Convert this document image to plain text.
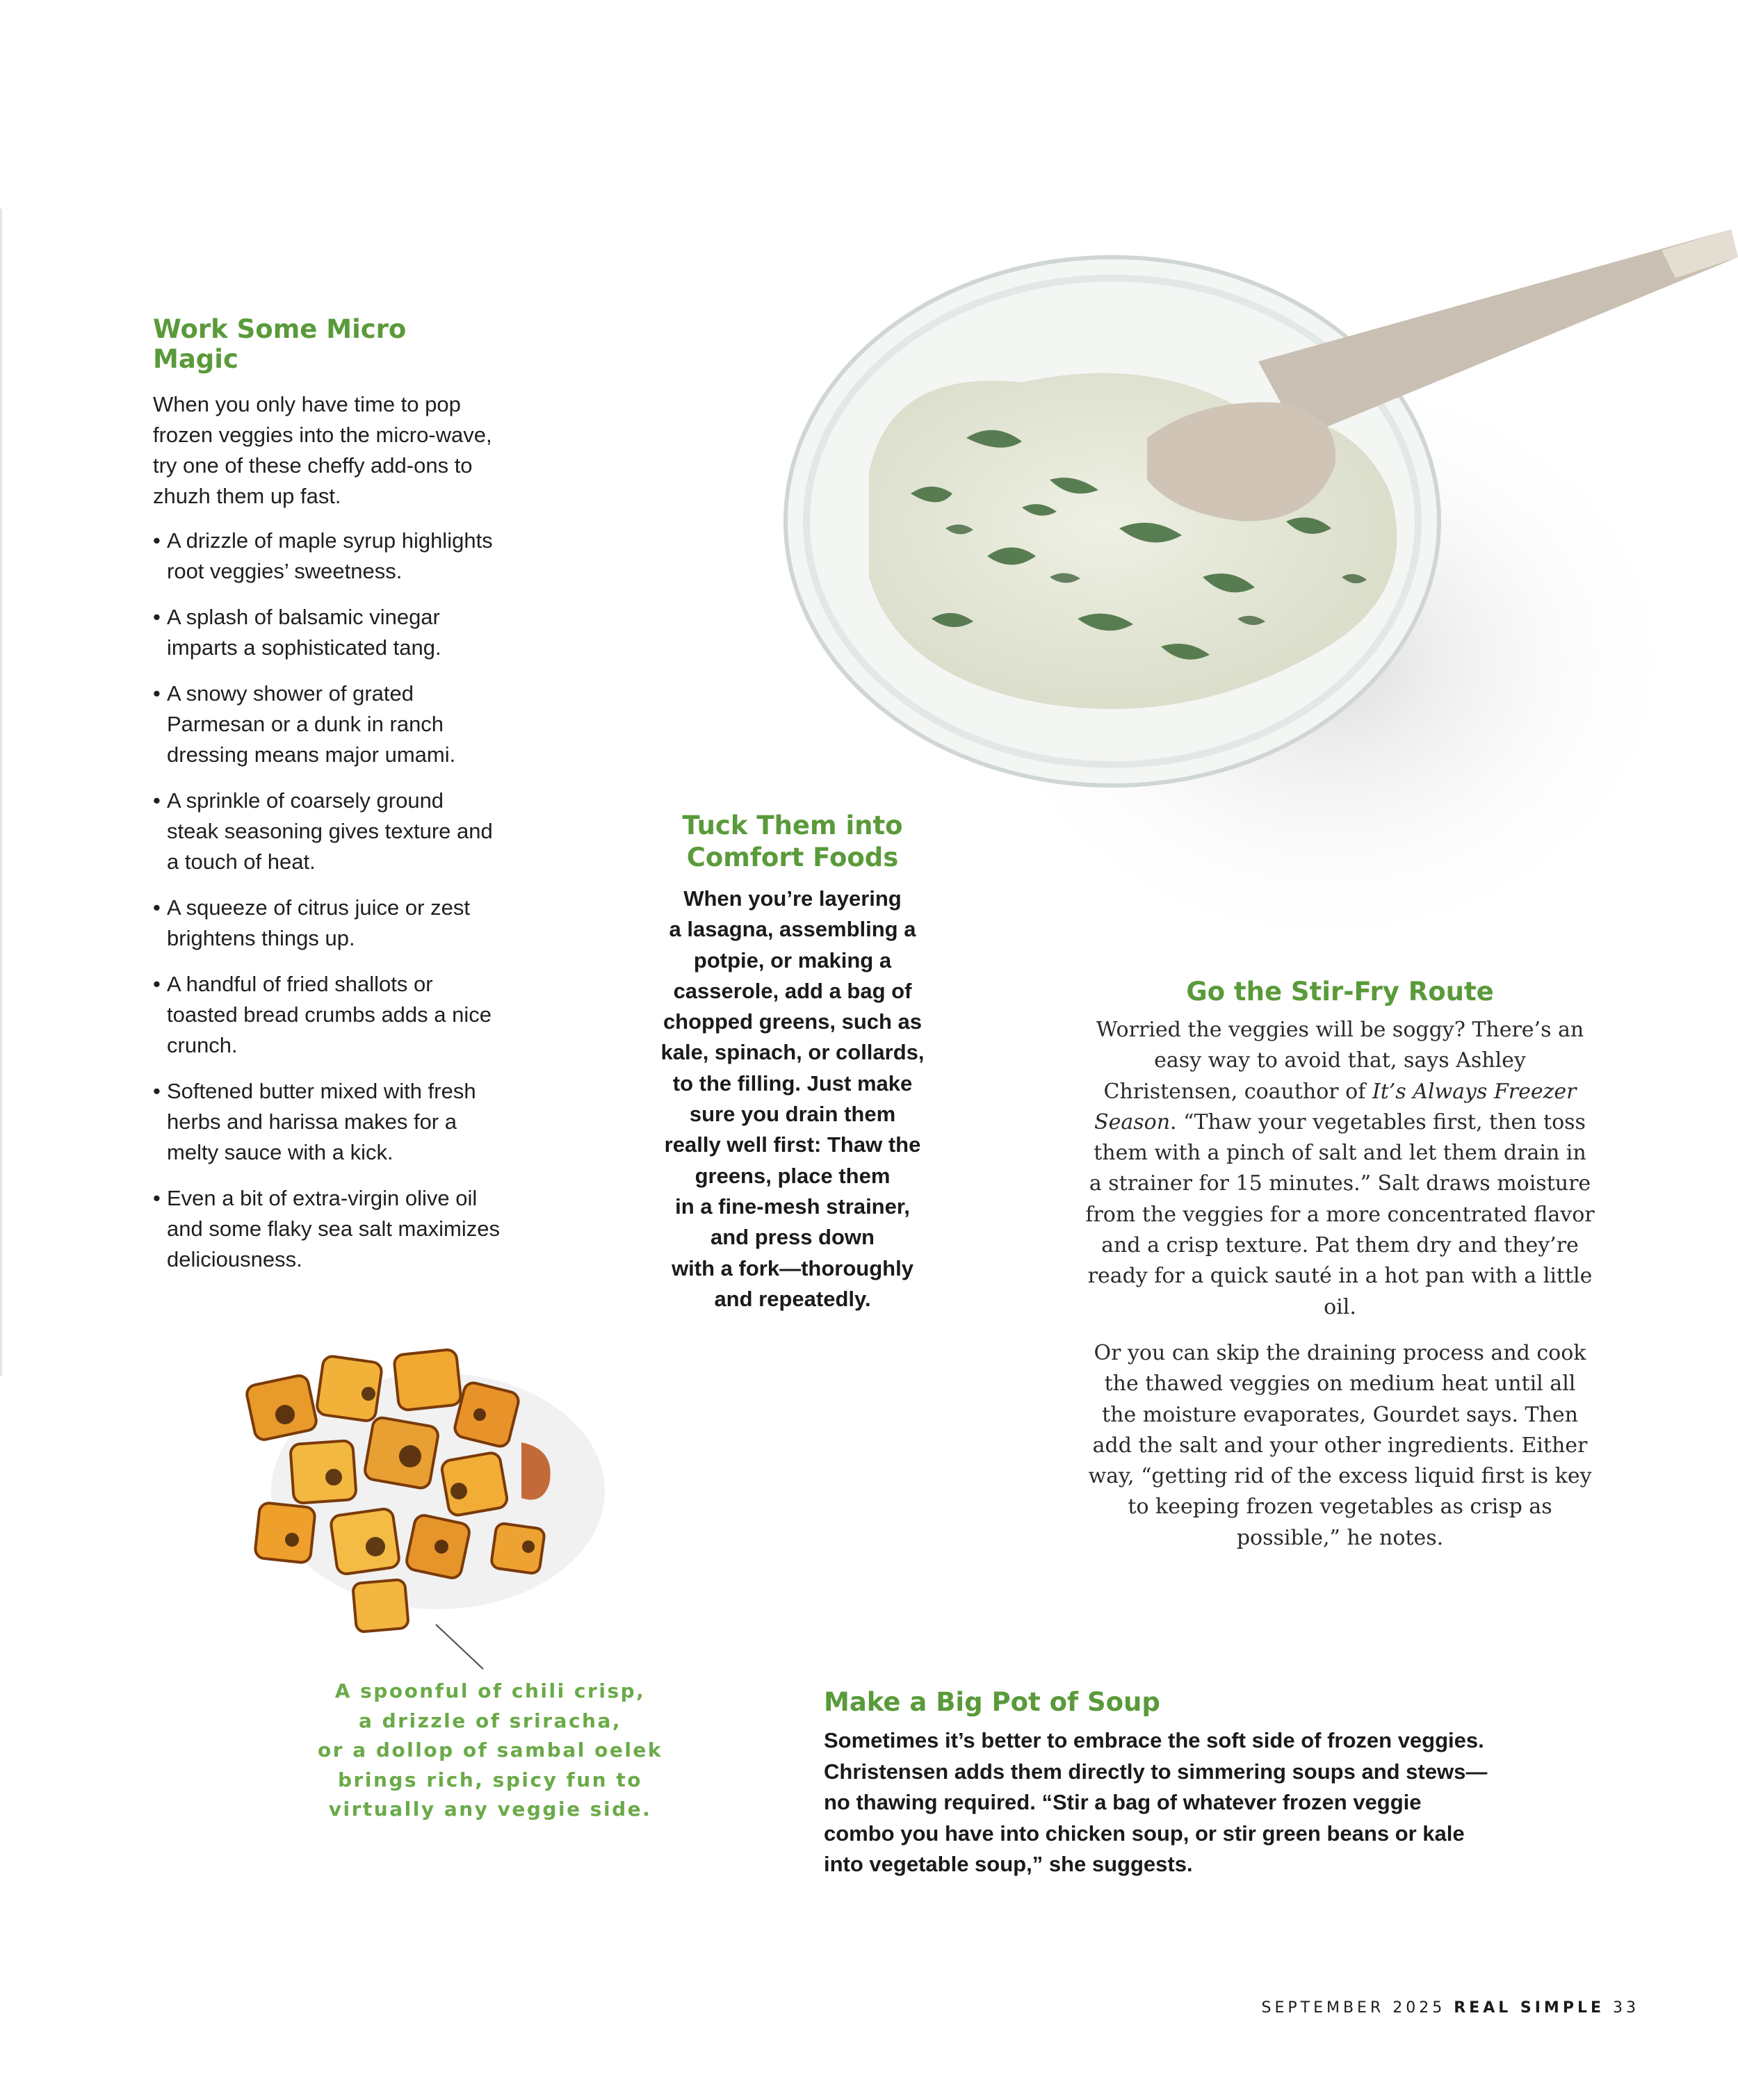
Work Some Micro Magic

When you only have time to pop frozen veggies into the micro-wave, try one of these cheffy add-ons to zhuzh them up fast.

• A drizzle of maple syrup highlights root veggies’ sweetness.
• A splash of balsamic vinegar imparts a sophisticated tang.
• A snowy shower of grated Parmesan or a dunk in ranch dressing means major umami.
• A sprinkle of coarsely ground steak seasoning gives texture and a touch of heat.
• A squeeze of citrus juice or zest brightens things up.
• A handful of fried shallots or toasted bread crumbs adds a nice crunch.
• Softened butter mixed with fresh herbs and harissa makes for a melty sauce with a kick.
• Even a bit of extra-virgin olive oil and some flaky sea salt maximizes deliciousness.
Tuck Them into
Comfort Foods
When you’re layering
a lasagna, assembling a
potpie, or making a
casserole, add a bag of
chopped greens, such as
kale, spinach, or collards,
to the filling. Just make
sure you drain them
really well first: Thaw the
greens, place them
in a fine-mesh strainer,
and press down
with a fork—thoroughly
and repeatedly.
Go the Stir-Fry Route

Worried the veggies will be soggy? There’s an easy way to avoid that, says Ashley Christensen, coauthor of It’s Always Freezer Season. “Thaw your vegetables first, then toss them with a pinch of salt and let them drain in a strainer for 15 minutes.” Salt draws moisture from the veggies for a more concentrated flavor and a crisp texture. Pat them dry and they’re ready for a quick sauté in a hot pan with a little oil.

Or you can skip the draining process and cook the thawed veggies on medium heat until all the moisture evaporates, Gourdet says. Then add the salt and your other ingredients. Either way, “getting rid of the excess liquid first is key to keeping frozen vegetables as crisp as possible,” he notes.

A spoonful of chili crisp,
a drizzle of sriracha,
or a dollop of sambal oelek
brings rich, spicy fun to
virtually any veggie side.
Make a Big Pot of Soup

Sometimes it’s better to embrace the soft side of frozen veggies. Christensen adds them directly to simmering soups and stews—no thawing required. “Stir a bag of whatever frozen veggie combo you have into chicken soup, or stir green beans or kale into vegetable soup,” she suggests.

SEPTEMBER 2025 REAL SIMPLE 33
